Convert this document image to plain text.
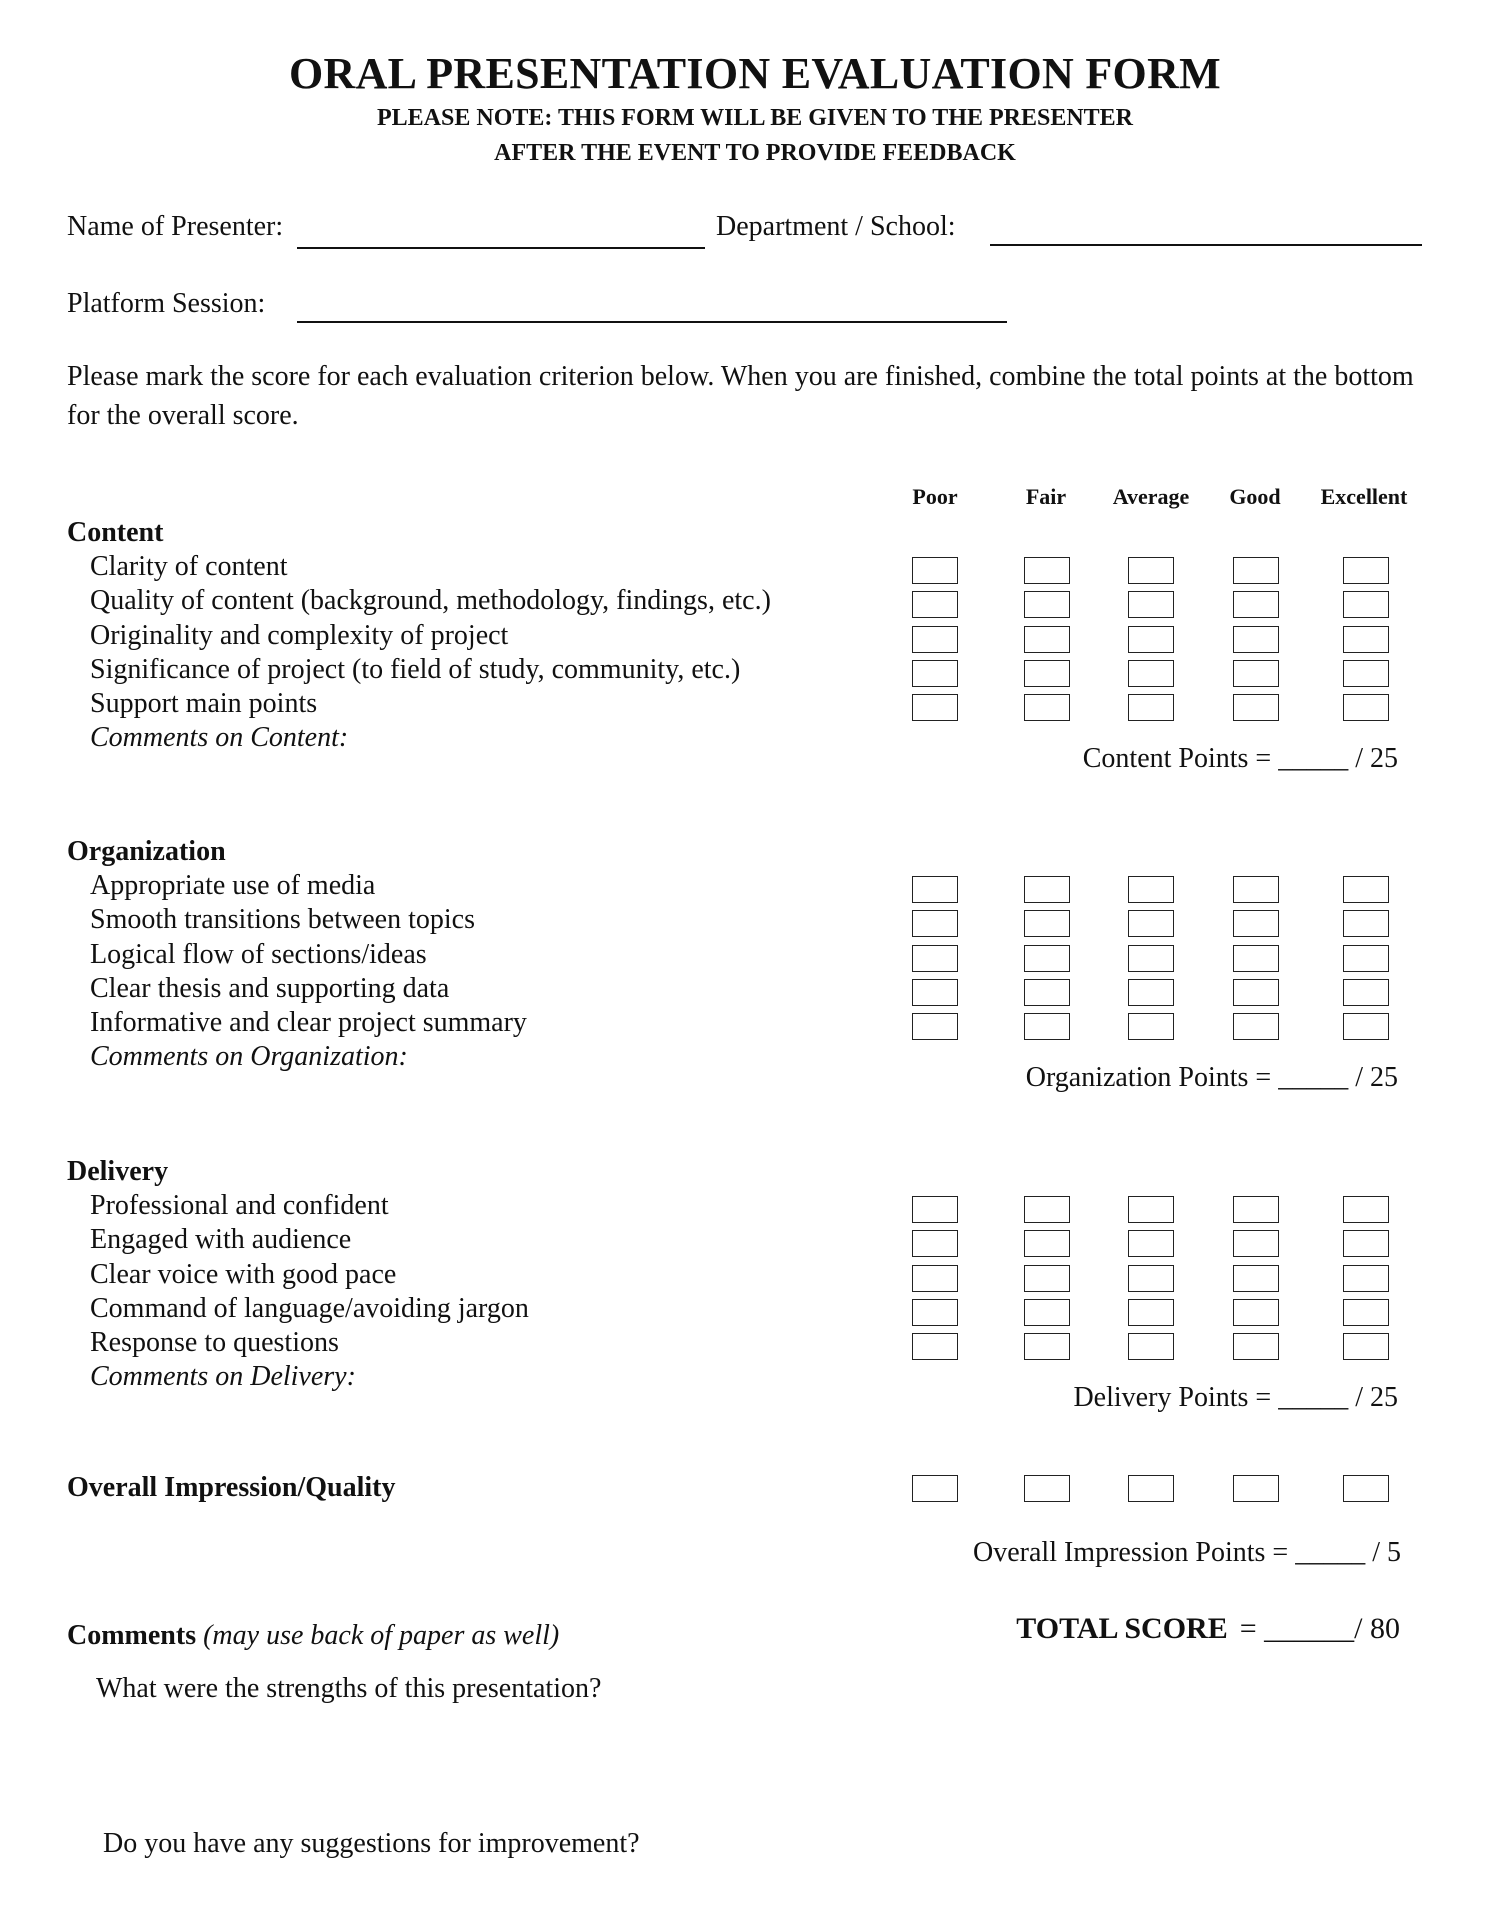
ORAL PRESENTATION EVALUATION FORM
PLEASE NOTE: THIS FORM WILL BE GIVEN TO THE PRESENTER
AFTER THE EVENT TO PROVIDE FEEDBACK
Name of Presenter:	Department / School:
Platform Session:
Please mark the score for each evaluation criterion below. When you are finished, combine the total points at the bottom for the overall score.
Poor	Fair Average Good Excellent
Content
Clarity of content
Quality of content (background, methodology, findings, etc.)
Originality and complexity of project
Significance of project (to field of study, community, etc.)
Support main points
Comments on Content:
Content Points = _____ / 25
Organization
Appropriate use of media
Smooth transitions between topics
Logical flow of sections/ideas
Clear thesis and supporting data
Informative and clear project summary
Comments on Organization:
Organization Points = _____ / 25
Delivery
Professional and confident
Engaged with audience
Clear voice with good pace
Command of language/avoiding jargon
Response to questions
Comments on Delivery:
Delivery Points = _____ / 25
Overall Impression/Quality
Overall Impression Points = _____ / 5
Comments (may use back of paper as well)	TOTAL SCORE = ______/ 80
What were the strengths of this presentation?
Do you have any suggestions for improvement?
